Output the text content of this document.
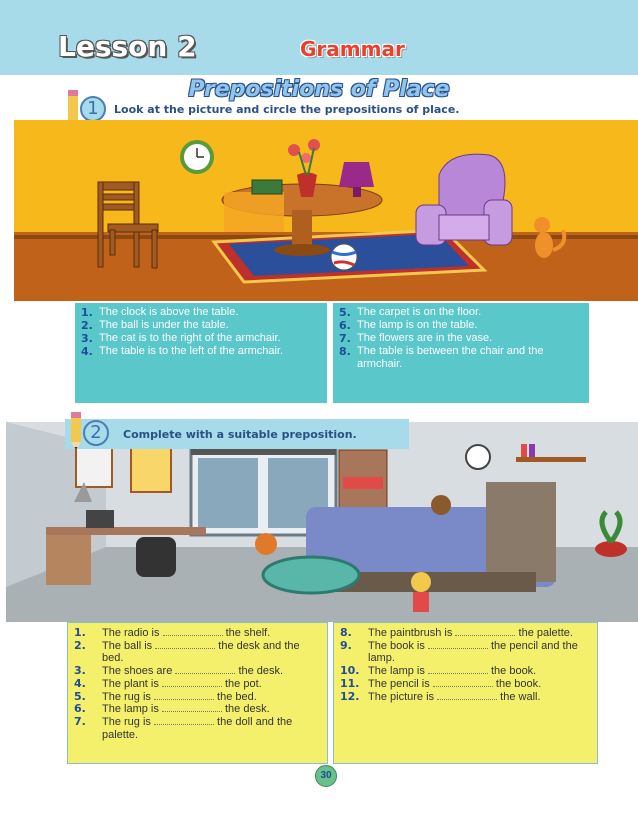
Lesson 2	Grammar
Prepositions of Place
1	Look at the picture and circle the prepositions of place.
1. The clock is above the table.
2. The ball is under the table.
3. The cat is to the right of the armchair.
4. The table is to the left of the armchair.
5. The carpet is on the floor.
6. The lamp is on the table.
7. The flowers are in the vase.
8. The table is between the chair and the armchair.
2	Complete with a suitable preposition.
1. The radio is	the shelf.
2. The ball is	the desk and the bed.
3. The shoes are	the desk.
4. The plant is	the pot.
5. The rug is	the bed.
6. The lamp is	the desk.
7. The rug is	the doll and the palette.
8. The paintbrush is	the palette.
9. The book is	the pencil and the lamp.
10. The lamp is	the book.
11. The pencil is	the book.
12. The picture is	the wall.
30
